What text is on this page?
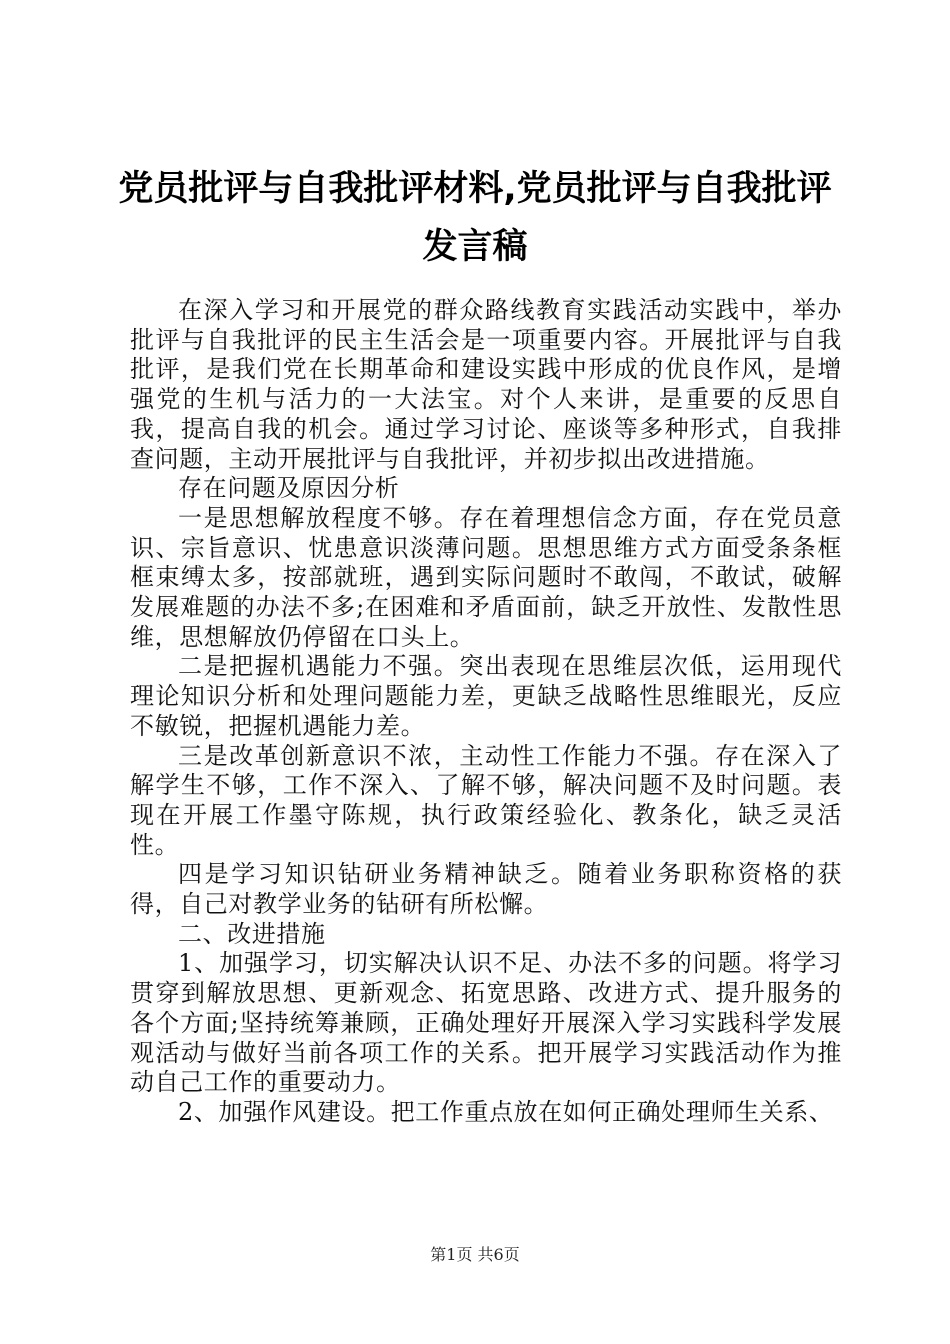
党员批评与自我批评材料,党员批评与自我批评发言稿

在深入学习和开展党的群众路线教育实践活动实践中，举办批评与自我批评的民主生活会是一项重要内容。开展批评与自我批评，是我们党在长期革命和建设实践中形成的优良作风，是增强党的生机与活力的一大法宝。对个人来讲，是重要的反思自我，提高自我的机会。通过学习讨论、座谈等多种形式，自我排查问题，主动开展批评与自我批评，并初步拟出改进措施。

存在问题及原因分析

一是思想解放程度不够。存在着理想信念方面，存在党员意识、宗旨意识、忧患意识淡薄问题。思想思维方式方面受条条框框束缚太多，按部就班，遇到实际问题时不敢闯，不敢试，破解发展难题的办法不多;在困难和矛盾面前，缺乏开放性、发散性思维，思想解放仍停留在口头上。

二是把握机遇能力不强。突出表现在思维层次低，运用现代理论知识分析和处理问题能力差，更缺乏战略性思维眼光，反应不敏锐，把握机遇能力差。

三是改革创新意识不浓，主动性工作能力不强。存在深入了解学生不够，工作不深入、了解不够，解决问题不及时问题。表现在开展工作墨守陈规，执行政策经验化、教条化，缺乏灵活性。

四是学习知识钻研业务精神缺乏。随着业务职称资格的获得，自己对教学业务的钻研有所松懈。

二、改进措施

1、加强学习，切实解决认识不足、办法不多的问题。将学习贯穿到解放思想、更新观念、拓宽思路、改进方式、提升服务的各个方面;坚持统筹兼顾，正确处理好开展深入学习实践科学发展观活动与做好当前各项工作的关系。把开展学习实践活动作为推动自己工作的重要动力。

2、加强作风建设。把工作重点放在如何正确处理师生关系、

第1页 共6页
